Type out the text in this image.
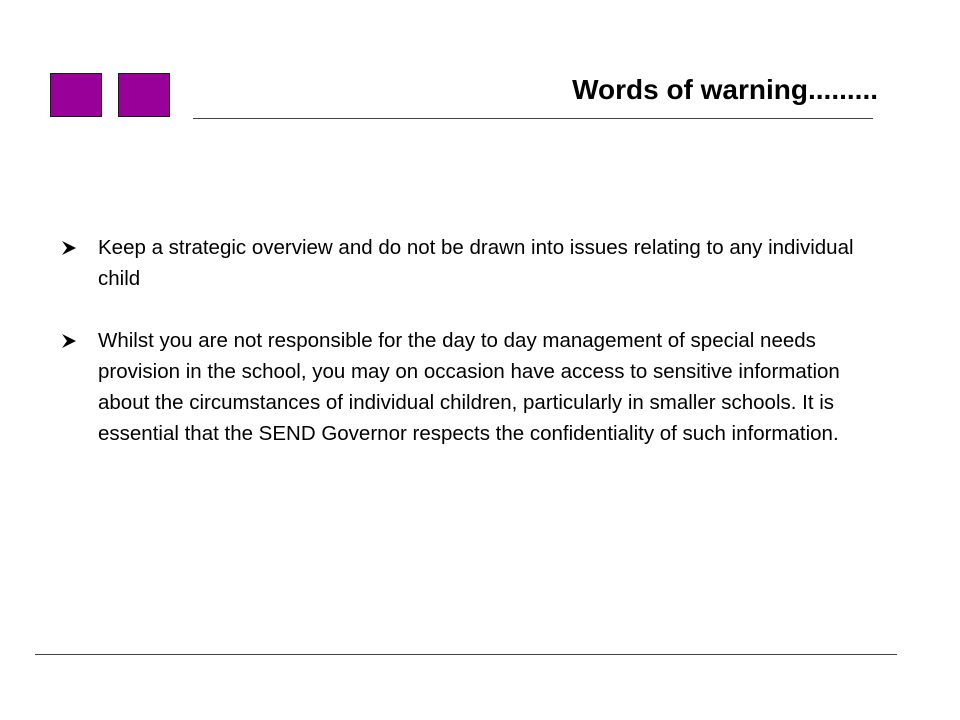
Words of warning.........
Keep a strategic overview and do not be drawn into issues relating to any individual child
Whilst you are not responsible for the day to day management of special needs provision in the school, you may on occasion have access to sensitive information about the circumstances of individual children, particularly in smaller schools. It is essential that the SEND Governor respects the confidentiality of such information.
